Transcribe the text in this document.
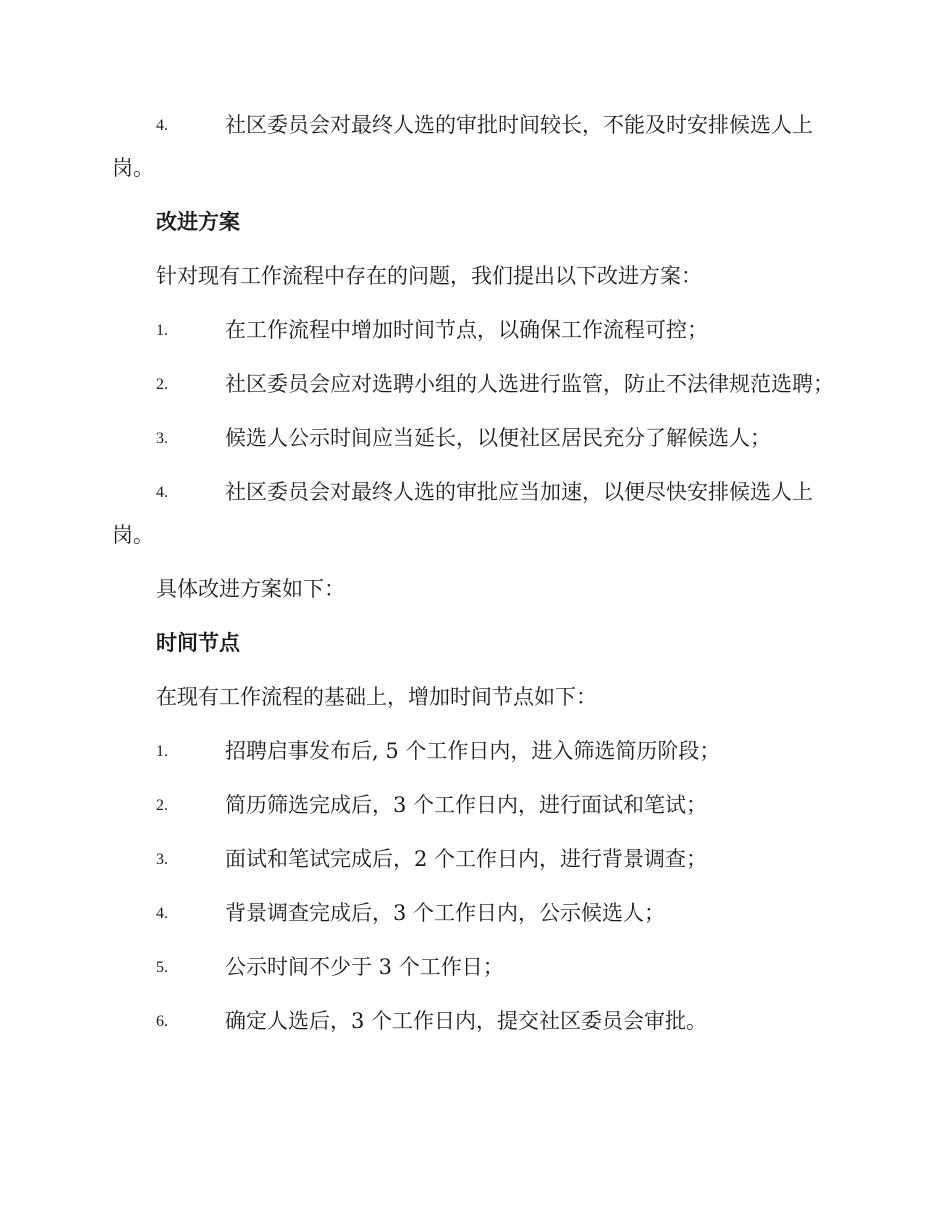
4.	社区委员会对最终人选的审批时间较长，不能及时安排候选人上岗。
改进方案
针对现有工作流程中存在的问题，我们提出以下改进方案：
1.	在工作流程中增加时间节点，以确保工作流程可控；
2.	社区委员会应对选聘小组的人选进行监管，防止不法律规范选聘；
3.	候选人公示时间应当延长，以便社区居民充分了解候选人；
4.	社区委员会对最终人选的审批应当加速，以便尽快安排候选人上岗。
具体改进方案如下：
时间节点
在现有工作流程的基础上，增加时间节点如下：
1.	招聘启事发布后, 5 个工作日内，进入筛选简历阶段；
2.	简历筛选完成后，3 个工作日内，进行面试和笔试；
3.	面试和笔试完成后，2 个工作日内，进行背景调查；
4.	背景调查完成后，3 个工作日内，公示候选人；
5.	公示时间不少于 3 个工作日；
6.	确定人选后，3 个工作日内，提交社区委员会审批。
